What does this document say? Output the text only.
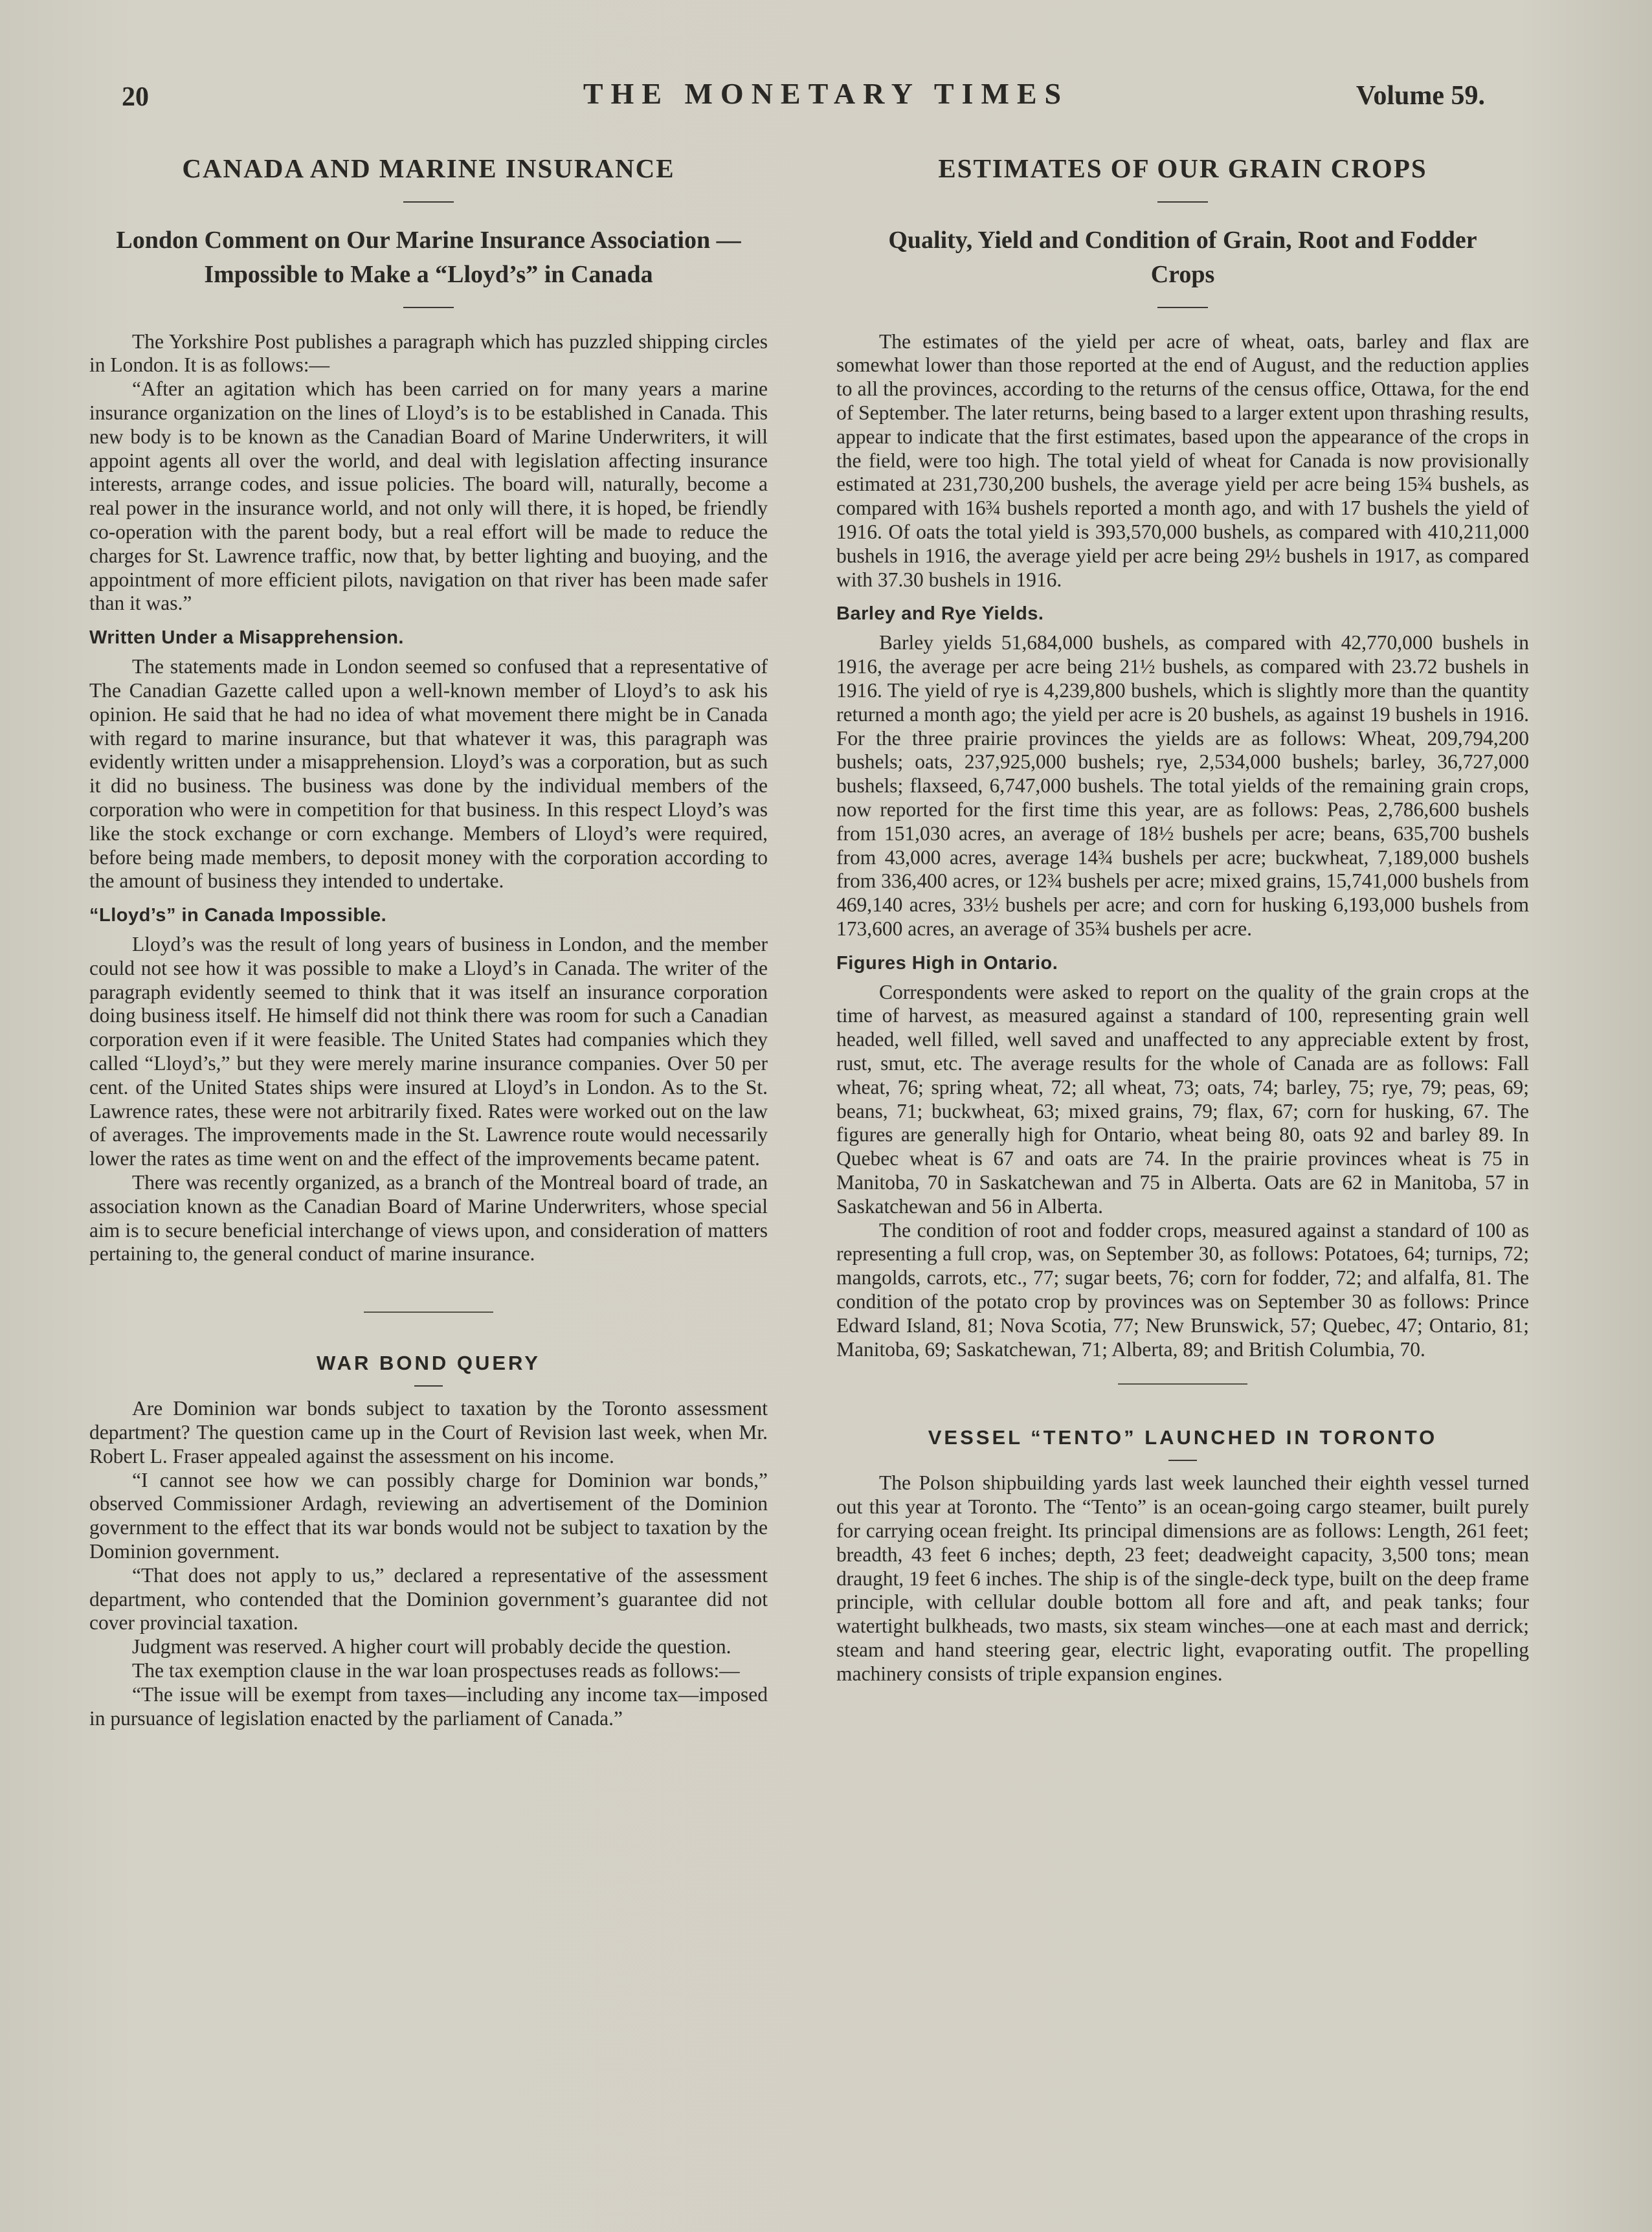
20	THE MONETARY TIMES	Volume 59.
CANADA AND MARINE INSURANCE

London Comment on Our Marine Insurance Association —Impossible to Make a “Lloyd’s” in Canada

The Yorkshire Post publishes a paragraph which has puzzled shipping circles in London. It is as follows:—

“After an agitation which has been carried on for many years a marine insurance organization on the lines of Lloyd’s is to be established in Canada. This new body is to be known as the Canadian Board of Marine Underwriters, it will appoint agents all over the world, and deal with legislation affecting insurance interests, arrange codes, and issue policies. The board will, naturally, become a real power in the insurance world, and not only will there, it is hoped, be friendly co-operation with the parent body, but a real effort will be made to reduce the charges for St. Lawrence traffic, now that, by better lighting and buoying, and the appointment of more efficient pilots, navigation on that river has been made safer than it was.”

Written Under a Misapprehension.

The statements made in London seemed so confused that a representative of The Canadian Gazette called upon a well-known member of Lloyd’s to ask his opinion. He said that he had no idea of what movement there might be in Canada with regard to marine insurance, but that whatever it was, this paragraph was evidently written under a misapprehension. Lloyd’s was a corporation, but as such it did no business. The business was done by the individual members of the corporation who were in competition for that business. In this respect Lloyd’s was like the stock exchange or corn exchange. Members of Lloyd’s were required, before being made members, to deposit money with the corporation according to the amount of business they intended to undertake.

“Lloyd’s” in Canada Impossible.

Lloyd’s was the result of long years of business in London, and the member could not see how it was possible to make a Lloyd’s in Canada. The writer of the paragraph evidently seemed to think that it was itself an insurance corporation doing business itself. He himself did not think there was room for such a Canadian corporation even if it were feasible. The United States had companies which they called “Lloyd’s,” but they were merely marine insurance companies. Over 50 per cent. of the United States ships were insured at Lloyd’s in London. As to the St. Lawrence rates, these were not arbitrarily fixed. Rates were worked out on the law of averages. The improvements made in the St. Lawrence route would necessarily lower the rates as time went on and the effect of the improvements became patent.

There was recently organized, as a branch of the Montreal board of trade, an association known as the Canadian Board of Marine Underwriters, whose special aim is to secure beneficial interchange of views upon, and consideration of matters pertaining to, the general conduct of marine insurance.

WAR BOND QUERY

Are Dominion war bonds subject to taxation by the Toronto assessment department? The question came up in the Court of Revision last week, when Mr. Robert L. Fraser appealed against the assessment on his income.

“I cannot see how we can possibly charge for Dominion war bonds,” observed Commissioner Ardagh, reviewing an advertisement of the Dominion government to the effect that its war bonds would not be subject to taxation by the Dominion government.

“That does not apply to us,” declared a representative of the assessment department, who contended that the Dominion government’s guarantee did not cover provincial taxation.

Judgment was reserved. A higher court will probably decide the question.

The tax exemption clause in the war loan prospectuses reads as follows:—

“The issue will be exempt from taxes—including any income tax—imposed in pursuance of legislation enacted by the parliament of Canada.”

ESTIMATES OF OUR GRAIN CROPS

Quality, Yield and Condition of Grain, Root and Fodder Crops

The estimates of the yield per acre of wheat, oats, barley and flax are somewhat lower than those reported at the end of August, and the reduction applies to all the provinces, according to the returns of the census office, Ottawa, for the end of September. The later returns, being based to a larger extent upon thrashing results, appear to indicate that the first estimates, based upon the appearance of the crops in the field, were too high. The total yield of wheat for Canada is now provisionally estimated at 231,730,200 bushels, the average yield per acre being 15¾ bushels, as compared with 16¾ bushels reported a month ago, and with 17 bushels the yield of 1916. Of oats the total yield is 393,570,000 bushels, as compared with 410,211,000 bushels in 1916, the average yield per acre being 29½ bushels in 1917, as compared with 37.30 bushels in 1916.

Barley and Rye Yields.

Barley yields 51,684,000 bushels, as compared with 42,770,000 bushels in 1916, the average per acre being 21½ bushels, as compared with 23.72 bushels in 1916. The yield of rye is 4,239,800 bushels, which is slightly more than the quantity returned a month ago; the yield per acre is 20 bushels, as against 19 bushels in 1916. For the three prairie provinces the yields are as follows: Wheat, 209,794,200 bushels; oats, 237,925,000 bushels; rye, 2,534,000 bushels; barley, 36,727,000 bushels; flaxseed, 6,747,000 bushels. The total yields of the remaining grain crops, now reported for the first time this year, are as follows: Peas, 2,786,600 bushels from 151,030 acres, an average of 18½ bushels per acre; beans, 635,700 bushels from 43,000 acres, average 14¾ bushels per acre; buckwheat, 7,189,000 bushels from 336,400 acres, or 12¾ bushels per acre; mixed grains, 15,741,000 bushels from 469,140 acres, 33½ bushels per acre; and corn for husking 6,193,000 bushels from 173,600 acres, an average of 35¾ bushels per acre.

Figures High in Ontario.

Correspondents were asked to report on the quality of the grain crops at the time of harvest, as measured against a standard of 100, representing grain well headed, well filled, well saved and unaffected to any appreciable extent by frost, rust, smut, etc. The average results for the whole of Canada are as follows: Fall wheat, 76; spring wheat, 72; all wheat, 73; oats, 74; barley, 75; rye, 79; peas, 69; beans, 71; buckwheat, 63; mixed grains, 79; flax, 67; corn for husking, 67. The figures are generally high for Ontario, wheat being 80, oats 92 and barley 89. In Quebec wheat is 67 and oats are 74. In the prairie provinces wheat is 75 in Manitoba, 70 in Saskatchewan and 75 in Alberta. Oats are 62 in Manitoba, 57 in Saskatchewan and 56 in Alberta.

The condition of root and fodder crops, measured against a standard of 100 as representing a full crop, was, on September 30, as follows: Potatoes, 64; turnips, 72; mangolds, carrots, etc., 77; sugar beets, 76; corn for fodder, 72; and alfalfa, 81. The condition of the potato crop by provinces was on September 30 as follows: Prince Edward Island, 81; Nova Scotia, 77; New Brunswick, 57; Quebec, 47; Ontario, 81; Manitoba, 69; Saskatchewan, 71; Alberta, 89; and British Columbia, 70.

VESSEL “TENTO” LAUNCHED IN TORONTO

The Polson shipbuilding yards last week launched their eighth vessel turned out this year at Toronto. The “Tento” is an ocean-going cargo steamer, built purely for carrying ocean freight. Its principal dimensions are as follows: Length, 261 feet; breadth, 43 feet 6 inches; depth, 23 feet; deadweight capacity, 3,500 tons; mean draught, 19 feet 6 inches. The ship is of the single-deck type, built on the deep frame principle, with cellular double bottom all fore and aft, and peak tanks; four watertight bulkheads, two masts, six steam winches—one at each mast and derrick; steam and hand steering gear, electric light, evaporating outfit. The propelling machinery consists of triple expansion engines.
